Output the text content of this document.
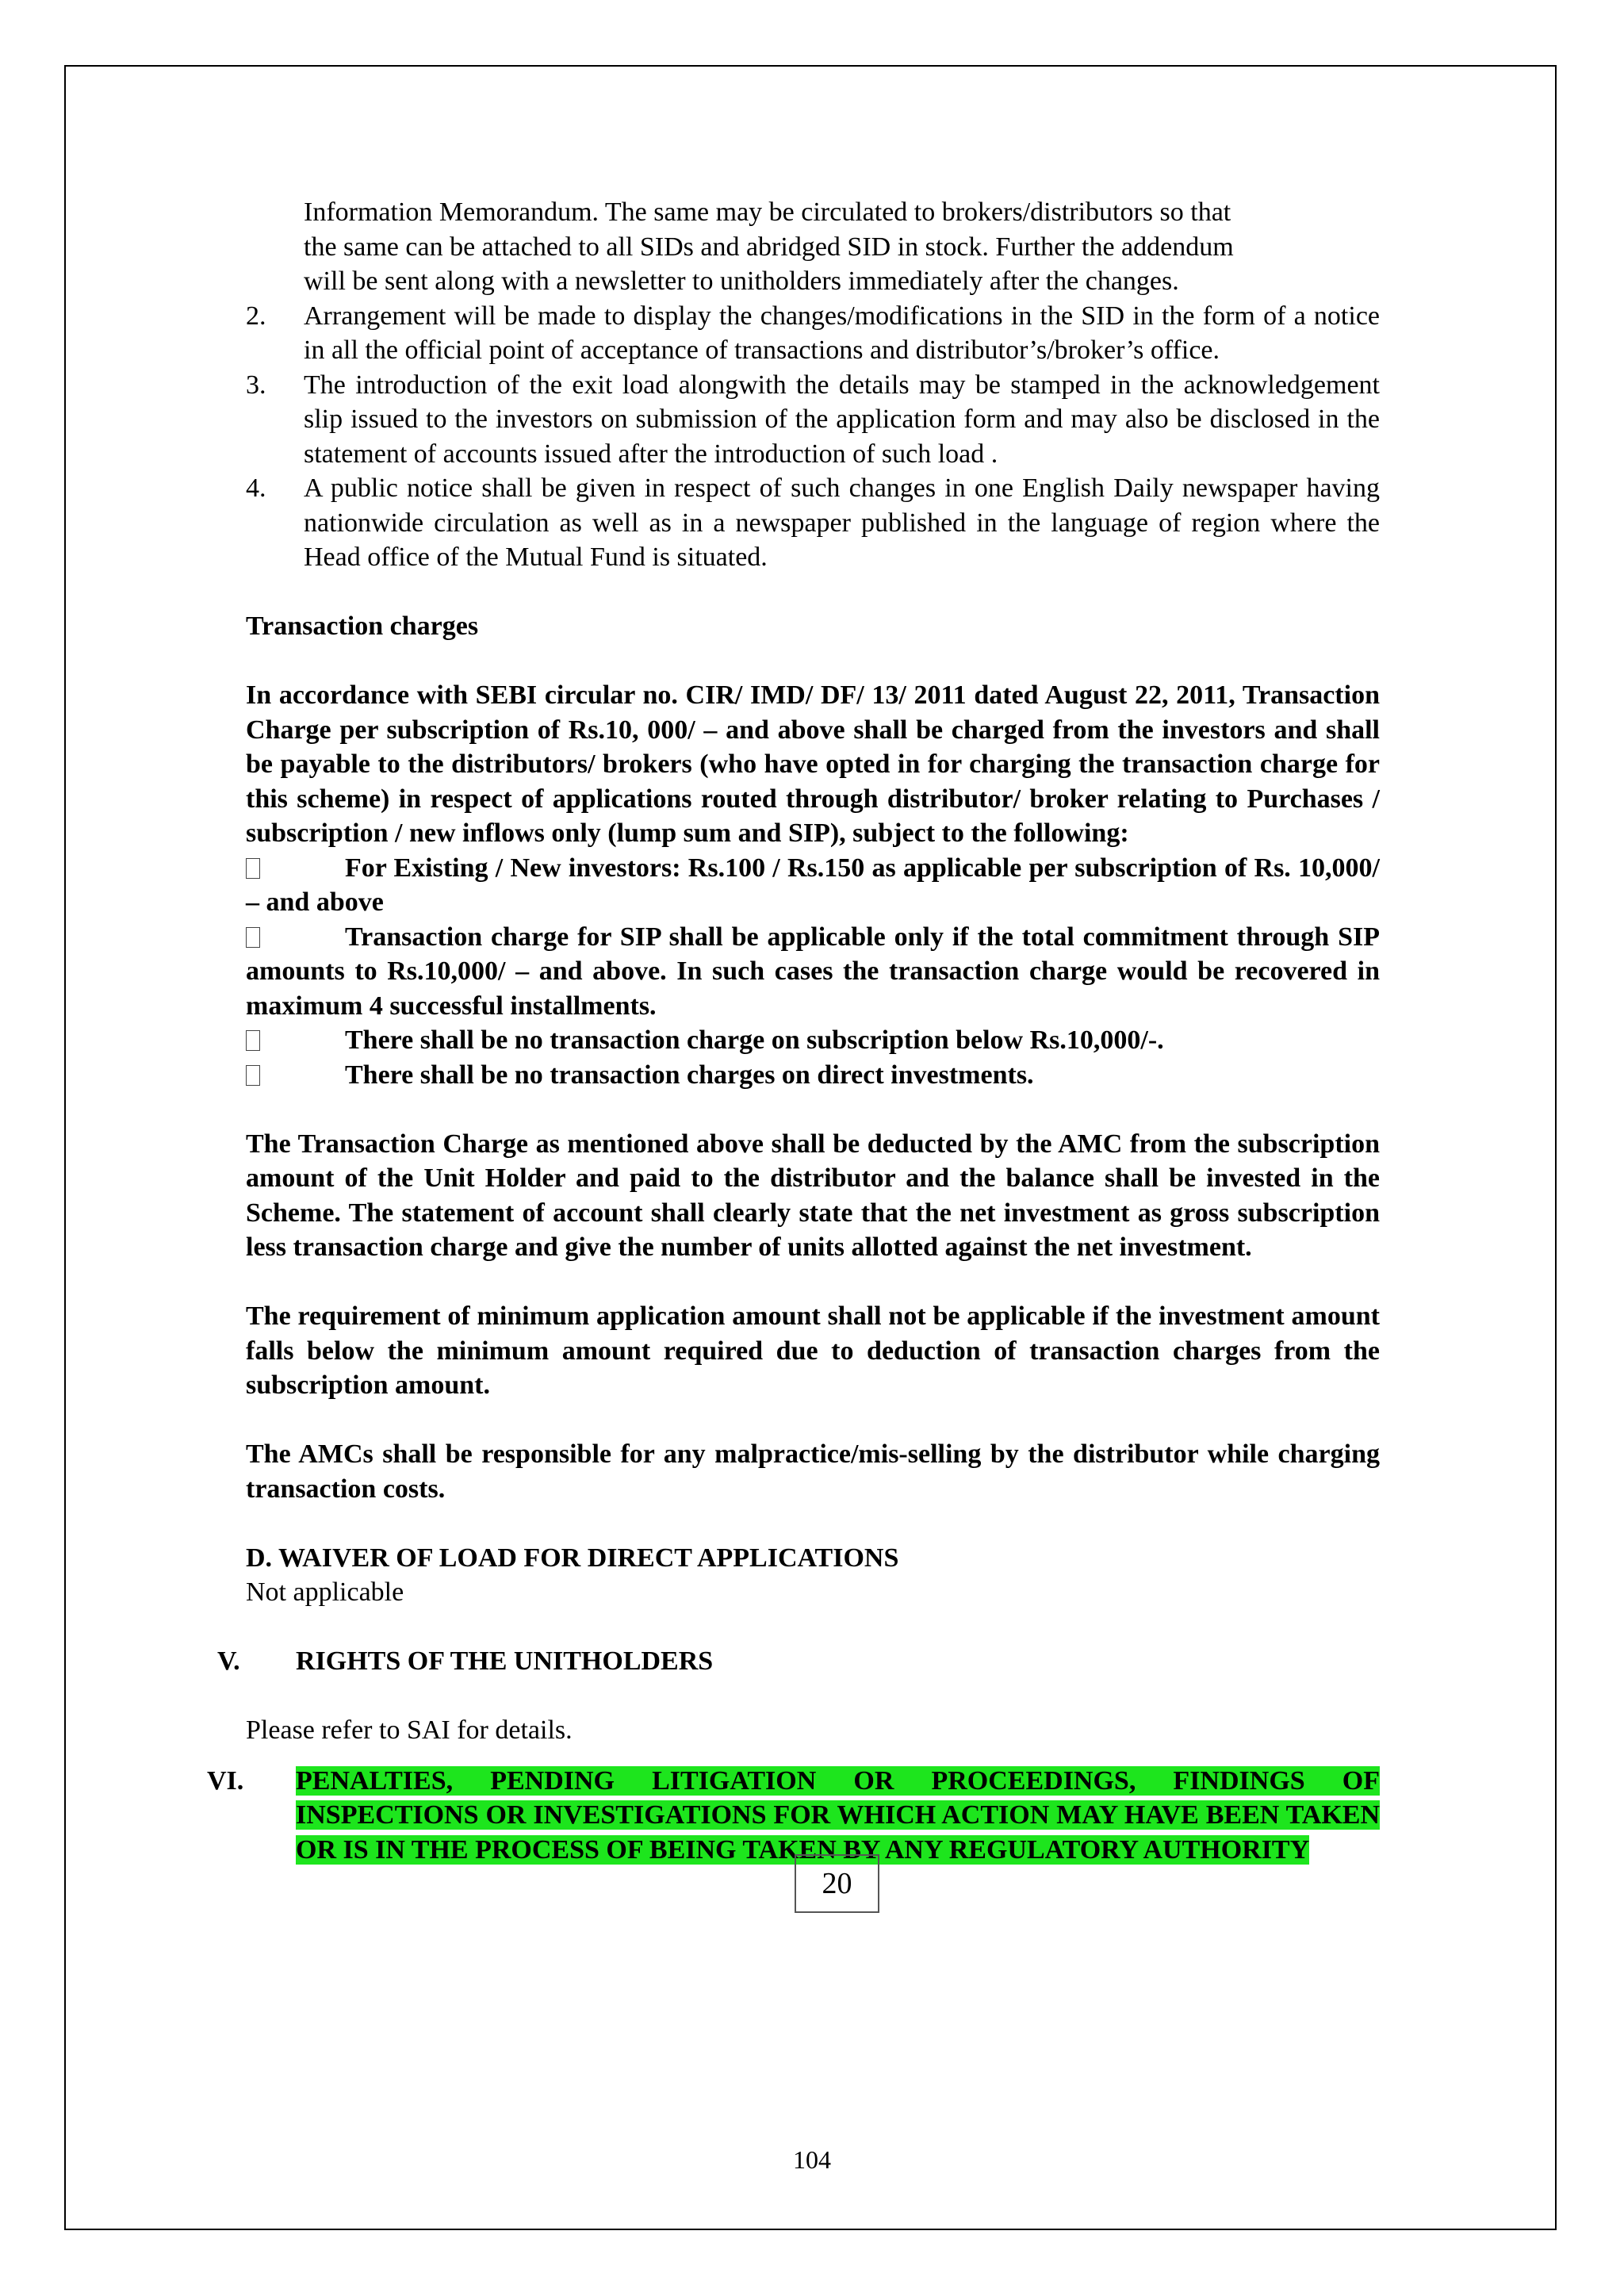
Information Memorandum. The same may be circulated to brokers/distributors so that

the same can be attached to all SIDs and abridged SID in stock. Further the addendum

will be sent along with a newsletter to unitholders immediately after the changes.

2. Arrangement will be made to display the changes/modifications in the SID in the form of a notice in all the official point of acceptance of transactions and distributor’s/broker’s office.

3. The introduction of the exit load alongwith the details may be stamped in the acknowledgement slip issued to the investors on submission of the application form and may also be disclosed in the statement of accounts issued after the introduction of such load .

4. A public notice shall be given in respect of such changes in one English Daily newspaper having nationwide circulation as well as in a newspaper published in the language of region where the Head office of the Mutual Fund is situated.

Transaction charges

In accordance with SEBI circular no. CIR/ IMD/ DF/ 13/ 2011 dated August 22, 2011, Transaction Charge per subscription of Rs.10, 000/ – and above shall be charged from the investors and shall be payable to the distributors/ brokers (who have opted in for charging the transaction charge for this scheme) in respect of applications routed through distributor/ broker relating to Purchases / subscription / new inflows only (lump sum and SIP), subject to the following:

For Existing / New investors: Rs.100 / Rs.150 as applicable per subscription of Rs. 10,000/ – and above

Transaction charge for SIP shall be applicable only if the total commitment through SIP amounts to Rs.10,000/ – and above. In such cases the transaction charge would be recovered in maximum 4 successful installments.

There shall be no transaction charge on subscription below Rs.10,000/-.

There shall be no transaction charges on direct investments.

The Transaction Charge as mentioned above shall be deducted by the AMC from the subscription amount of the Unit Holder and paid to the distributor and the balance shall be invested in the Scheme. The statement of account shall clearly state that the net investment as gross subscription less transaction charge and give the number of units allotted against the net investment.

The requirement of minimum application amount shall not be applicable if the investment amount falls below the minimum amount required due to deduction of transaction charges from the subscription amount.

The AMCs shall be responsible for any malpractice/mis-selling by the distributor while charging transaction costs.

D. WAIVER OF LOAD FOR DIRECT APPLICATIONS

Not applicable

V. RIGHTS OF THE UNITHOLDERS

Please refer to SAI for details.

VI. PENALTIES, PENDING LITIGATION OR PROCEEDINGS, FINDINGS OF INSPECTIONS OR INVESTIGATIONS FOR WHICH ACTION MAY HAVE BEEN TAKEN OR IS IN THE PROCESS OF BEING TAKEN BY ANY REGULATORY AUTHORITY

20
104
